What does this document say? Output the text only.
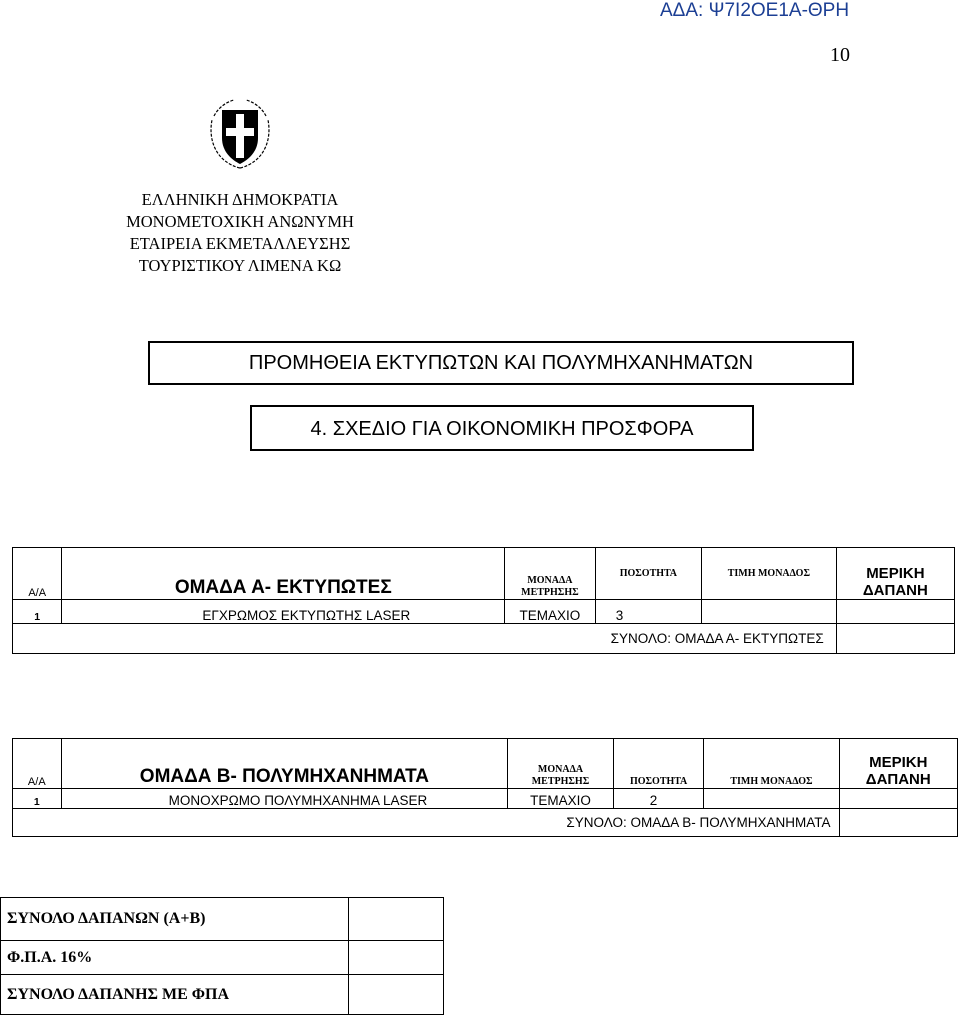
ΑΔΑ: Ψ7Ι2ΟΕ1Α-ΘΡΗ
10
ΕΛΛΗΝΙΚΗ ΔΗΜΟΚΡΑΤΙΑ
ΜΟΝΟΜΕΤΟΧΙΚΗ ΑΝΩΝΥΜΗ
ΕΤΑΙΡΕΙΑ ΕΚΜΕΤΑΛΛΕΥΣΗΣ
ΤΟΥΡΙΣΤΙΚΟΥ ΛΙΜΕΝΑ ΚΩ
ΠΡΟΜΗΘΕΙΑ ΕΚΤΥΠΩΤΩΝ ΚΑΙ ΠΟΛΥΜΗΧΑΝΗΜΑΤΩΝ
4. ΣΧΕΔΙΟ ΓΙΑ ΟΙΚΟΝΟΜΙΚΗ ΠΡΟΣΦΟΡΑ
Α/Α	ΟΜΑΔΑ Α- ΕΚΤΥΠΩΤΕΣ	ΜΟΝΑΔΑ
ΜΕΤΡΗΣΗΣ	ΠΟΣΟΤΗΤΑ	ΤΙΜΗ ΜΟΝΑΔΟΣ	ΜΕΡΙΚΗ
ΔΑΠΑΝΗ
1	ΕΓΧΡΩΜΟΣ ΕΚΤΥΠΩΤΗΣ LASER	ΤΕΜΑΧΙΟ	3		
ΣΥΝΟΛΟ: ΟΜΑΔΑ Α- ΕΚΤΥΠΩΤΕΣ					
Α/Α	ΟΜΑΔΑ Β- ΠΟΛΥΜΗΧΑΝΗΜΑΤΑ	ΜΟΝΑΔΑ
ΜΕΤΡΗΣΗΣ	ΠΟΣΟΤΗΤΑ	ΤΙΜΗ ΜΟΝΑΔΟΣ	ΜΕΡΙΚΗ
ΔΑΠΑΝΗ
1	ΜΟΝΟΧΡΩΜΟ ΠΟΛΥΜΗΧΑΝΗΜΑ LASER	ΤΕΜΑΧΙΟ	2		
ΣΥΝΟΛΟ: ΟΜΑΔΑ Β- ΠΟΛΥΜΗΧΑΝΗΜΑΤΑ					
ΣΥΝΟΛΟ ΔΑΠΑΝΩΝ (Α+Β)	
Φ.Π.Α. 16%	
ΣΥΝΟΛΟ ΔΑΠΑΝΗΣ ΜΕ ΦΠΑ	
